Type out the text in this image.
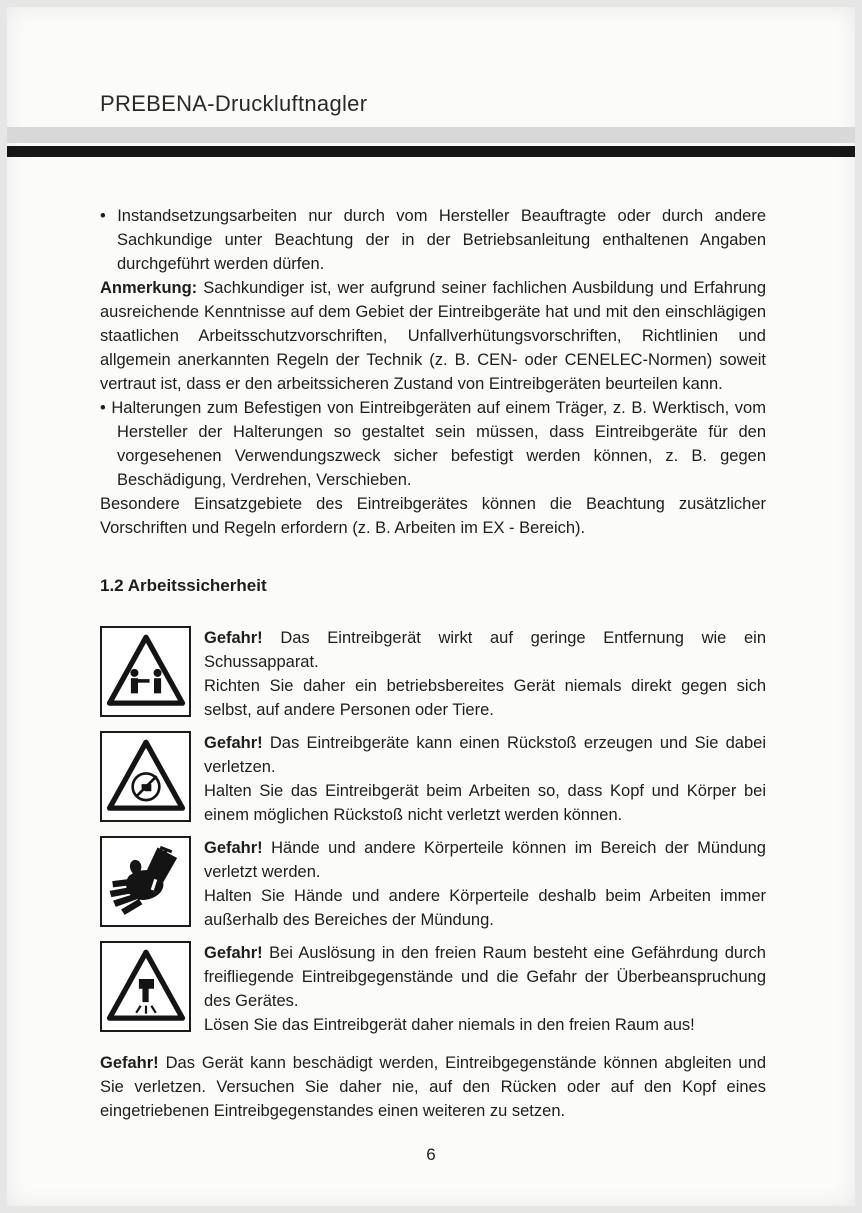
PREBENA-Druckluftnagler

• Instandsetzungsarbeiten nur durch vom Hersteller Beauftragte oder durch andere Sachkundige unter Beachtung der in der Betriebsanleitung enthaltenen Angaben durchgeführt werden dürfen.

Anmerkung: Sachkundiger ist, wer aufgrund seiner fachlichen Ausbildung und Erfahrung ausreichende Kenntnisse auf dem Gebiet der Eintreibgeräte hat und mit den einschlägigen staatlichen Arbeitsschutzvorschriften, Unfallverhütungsvorschriften, Richtlinien und allgemein anerkannten Regeln der Technik (z. B. CEN- oder CENELEC-Normen) soweit vertraut ist, dass er den arbeitssicheren Zustand von Eintreibgeräten beurteilen kann.

• Halterungen zum Befestigen von Eintreibgeräten auf einem Träger, z. B. Werktisch, vom Hersteller der Halterungen so gestaltet sein müssen, dass Eintreibgeräte für den vorgesehenen Verwendungszweck sicher befestigt werden können, z. B. gegen Beschädigung, Verdrehen, Verschieben.

Besondere Einsatzgebiete des Eintreibgerätes können die Beachtung zusätzlicher Vorschriften und Regeln erfordern (z. B. Arbeiten im EX - Bereich).

1.2 Arbeitssicherheit

Gefahr! Das Eintreibgerät wirkt auf geringe Entfernung wie ein Schussapparat.

Richten Sie daher ein betriebsbereites Gerät niemals direkt gegen sich selbst, auf andere Personen oder Tiere.

Gefahr! Das Eintreibgeräte kann einen Rückstoß erzeugen und Sie dabei verletzen.

Halten Sie das Eintreibgerät beim Arbeiten so, dass Kopf und Körper bei einem möglichen Rückstoß nicht verletzt werden können.

Gefahr! Hände und andere Körperteile können im Bereich der Mündung verletzt werden.

Halten Sie Hände und andere Körperteile deshalb beim Arbeiten immer außerhalb des Bereiches der Mündung.

Gefahr! Bei Auslösung in den freien Raum besteht eine Gefährdung durch freifliegende Eintreibgegenstände und die Gefahr der Überbeanspruchung des Gerätes.

Lösen Sie das Eintreibgerät daher niemals in den freien Raum aus!

Gefahr! Das Gerät kann beschädigt werden, Eintreibgegenstände können abgleiten und Sie verletzen. Versuchen Sie daher nie, auf den Rücken oder auf den Kopf eines eingetriebenen Eintreibgegenstandes einen weiteren zu setzen.

6
